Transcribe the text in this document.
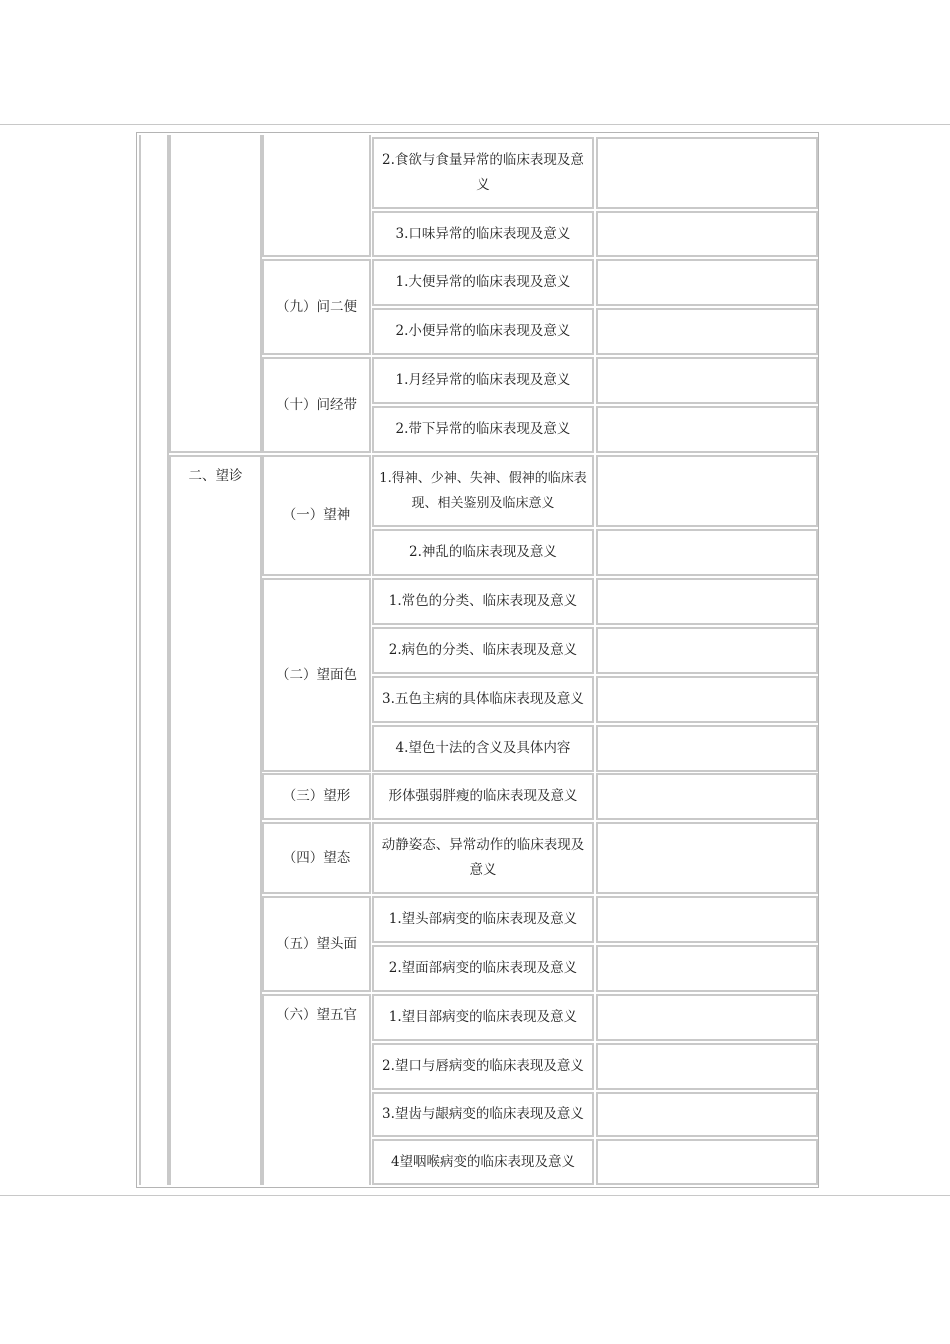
二、望诊
（九）问二便
（十）问经带
（一）望神
（二）望面色
（三）望形
（四）望态
（五）望头面
（六）望五官
2.食欲与食量异常的临床表现及意义
3.口味异常的临床表现及意义
1.大便异常的临床表现及意义
2.小便异常的临床表现及意义
1.月经异常的临床表现及意义
2.带下异常的临床表现及意义
1.得神、少神、失神、假神的临床表现、相关鉴别及临床意义
2.神乱的临床表现及意义
1.常色的分类、临床表现及意义
2.病色的分类、临床表现及意义
3.五色主病的具体临床表现及意义
4.望色十法的含义及具体内容
形体强弱胖瘦的临床表现及意义
动静姿态、异常动作的临床表现及意义
1.望头部病变的临床表现及意义
2.望面部病变的临床表现及意义
1.望目部病变的临床表现及意义
2.望口与唇病变的临床表现及意义
3.望齿与龈病变的临床表现及意义
4望咽喉病变的临床表现及意义
